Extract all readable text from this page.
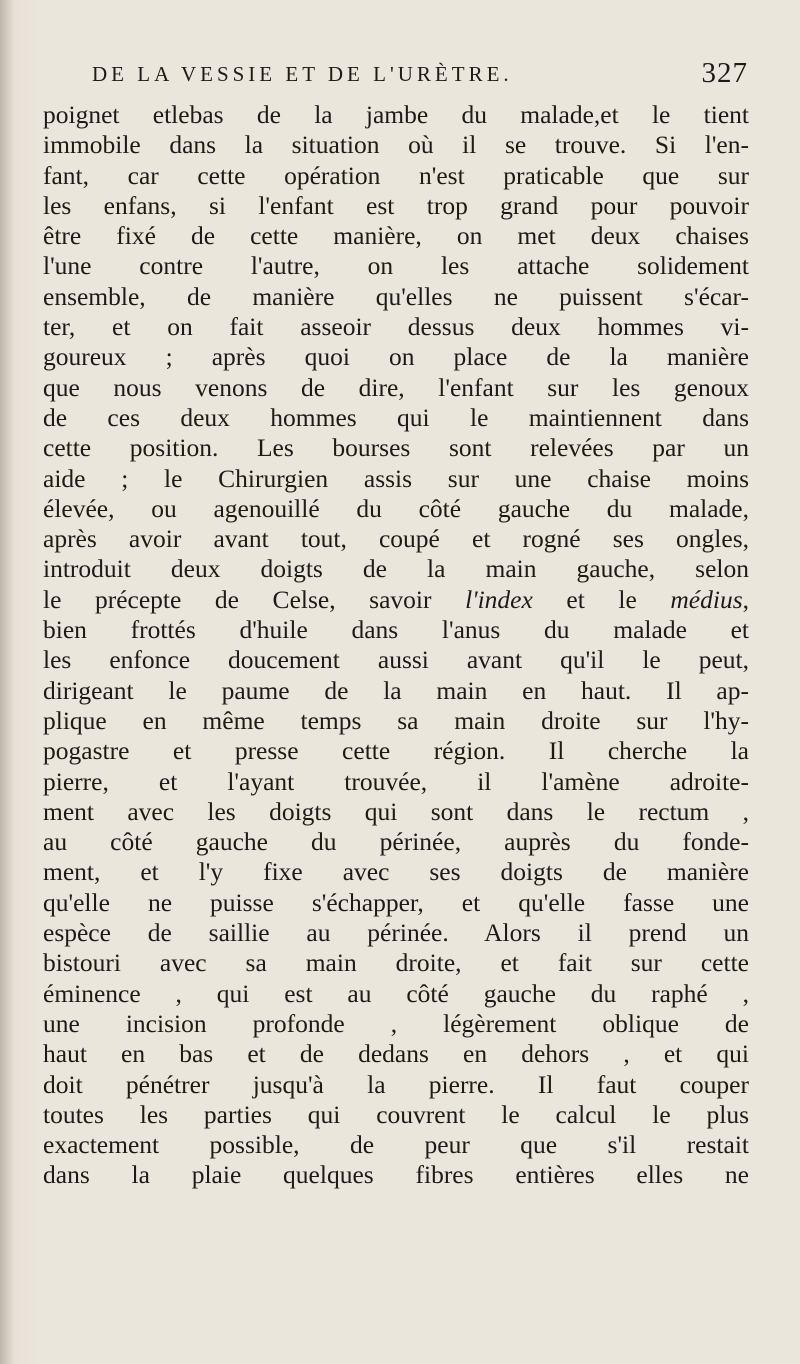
DE LA VESSIE ET DE L'URÈTRE.	327
poignet etlebas de la jambe du malade,et le tient
immobile dans la situation où il se trouve. Si l'en-
fant, car cette opération n'est praticable que sur
les enfans, si l'enfant est trop grand pour pouvoir
être fixé de cette manière, on met deux chaises
l'une contre l'autre, on les attache solidement
ensemble, de manière qu'elles ne puissent s'écar-
ter, et on fait asseoir dessus deux hommes vi-
goureux ; après quoi on place de la manière
que nous venons de dire, l'enfant sur les genoux
de ces deux hommes qui le maintiennent dans
cette position. Les bourses sont relevées par un
aide ; le Chirurgien assis sur une chaise moins
élevée, ou agenouillé du côté gauche du malade,
après avoir avant tout, coupé et rogné ses ongles,
introduit deux doigts de la main gauche, selon
le précepte de Celse, savoir l'index et le médius,
bien frottés d'huile dans l'anus du malade et
les enfonce doucement aussi avant qu'il le peut,
dirigeant le paume de la main en haut. Il ap-
plique en même temps sa main droite sur l'hy-
pogastre et presse cette région. Il cherche la
pierre, et l'ayant trouvée, il l'amène adroite-
ment avec les doigts qui sont dans le rectum ,
au côté gauche du périnée, auprès du fonde-
ment, et l'y fixe avec ses doigts de manière
qu'elle ne puisse s'échapper, et qu'elle fasse une
espèce de saillie au périnée. Alors il prend un
bistouri avec sa main droite, et fait sur cette
éminence , qui est au côté gauche du raphé ,
une incision profonde , légèrement oblique de
haut en bas et de dedans en dehors , et qui
doit pénétrer jusqu'à la pierre. Il faut couper
toutes les parties qui couvrent le calcul le plus
exactement possible, de peur que s'il restait
dans la plaie quelques fibres entières elles ne
